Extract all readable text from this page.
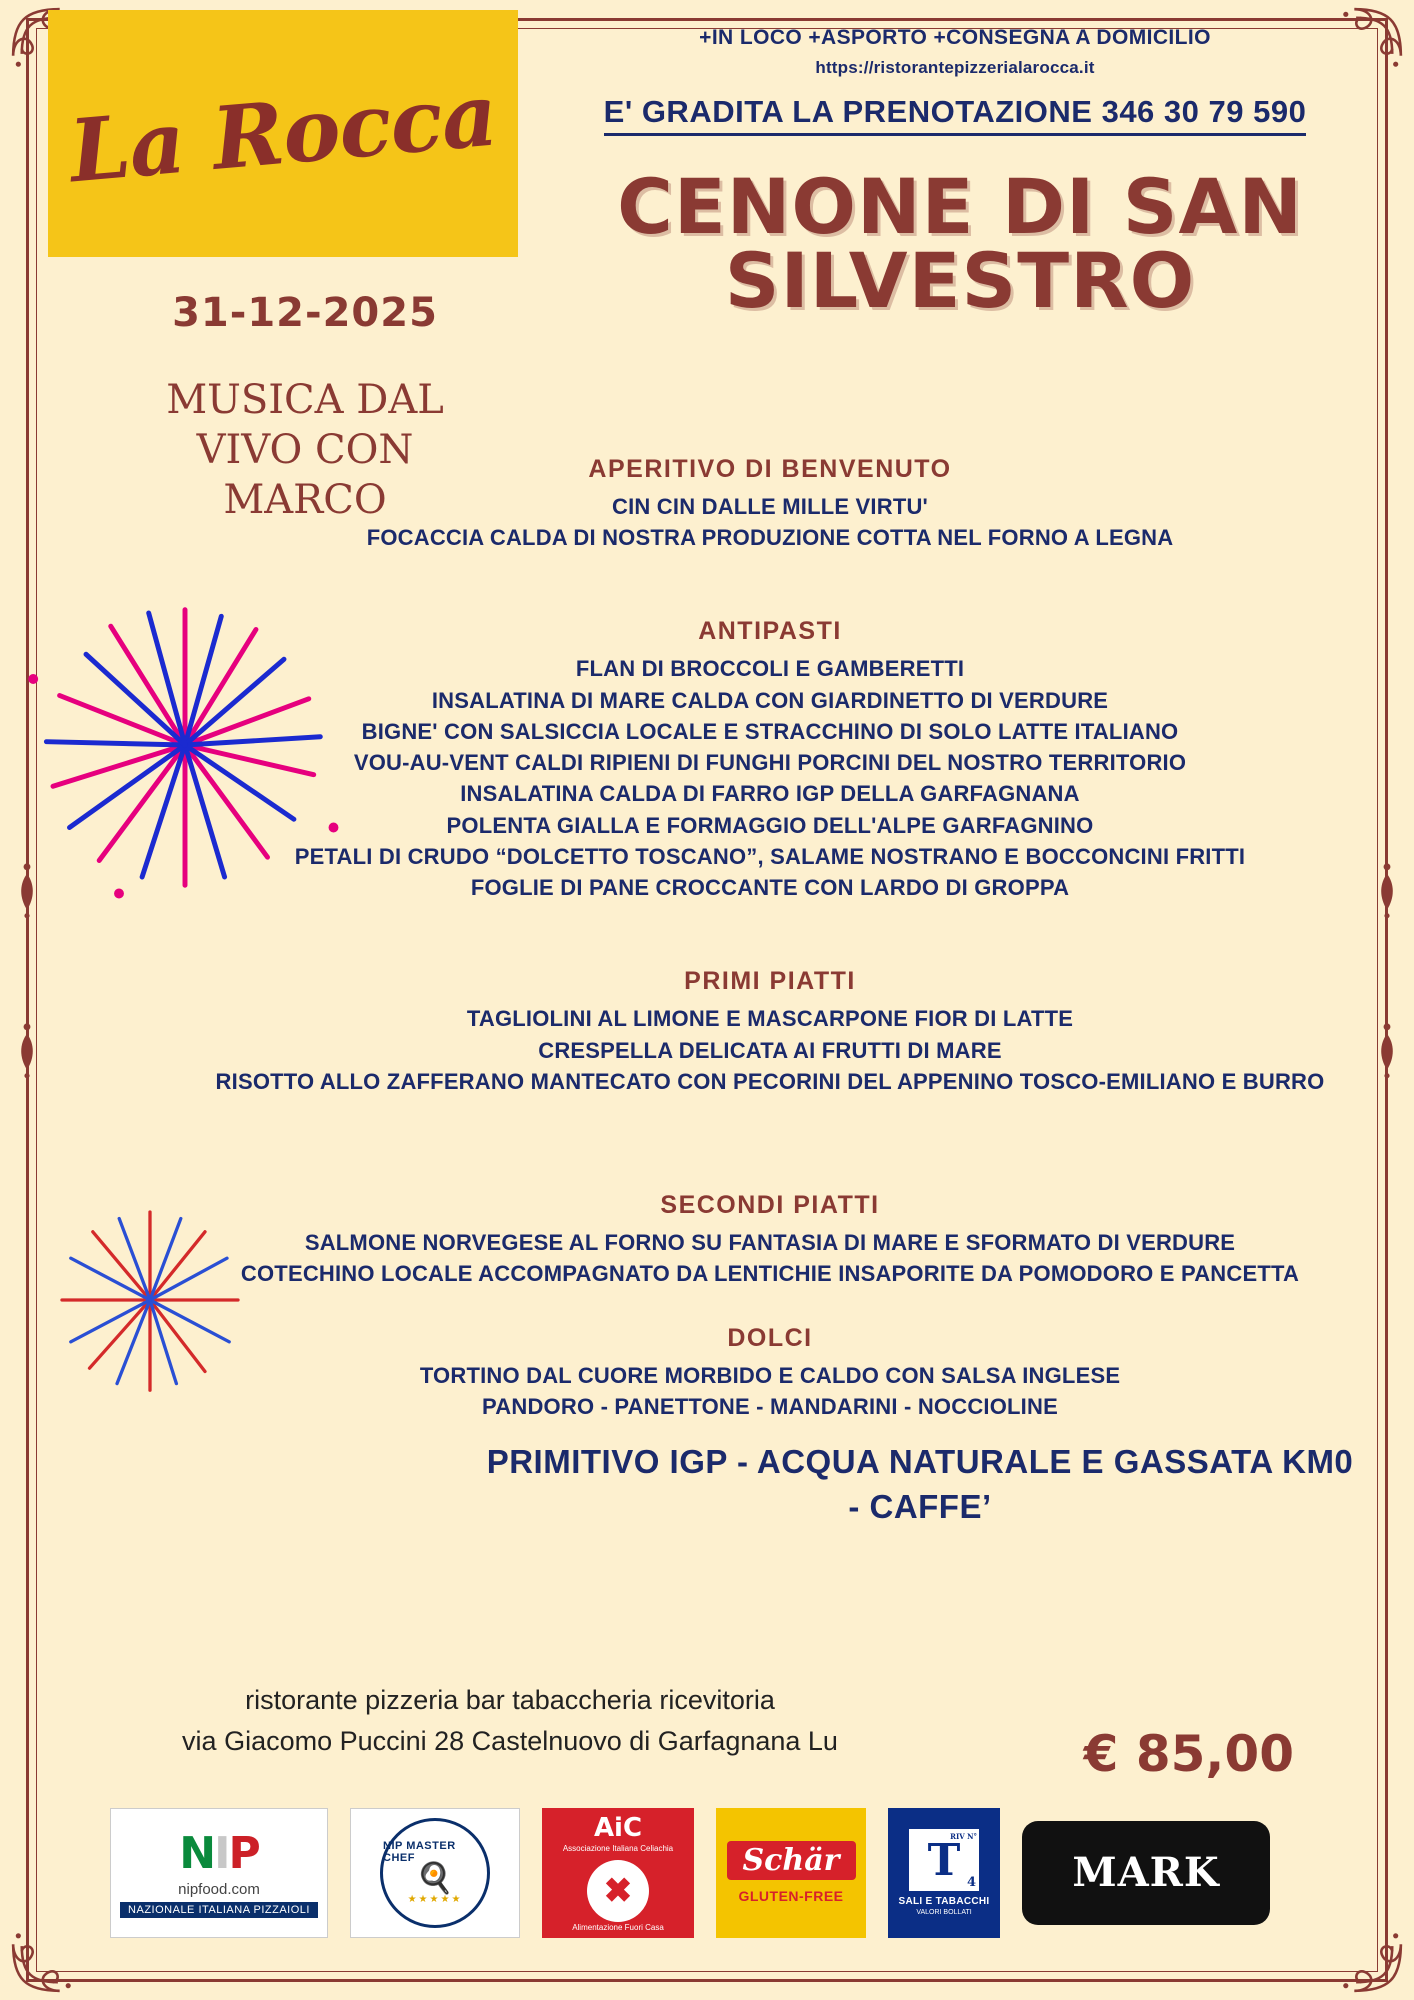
La Rocca
+IN LOCO +ASPORTO +CONSEGNA A DOMICILIO
https://ristorantepizzerialarocca.it
E' GRADITA LA PRENOTAZIONE 346 30 79 590
CENONE DI SAN SILVESTRO
31-12-2025
MUSICA DAL VIVO CON MARCO
APERITIVO DI BENVENUTO
CIN CIN DALLE MILLE VIRTU'
FOCACCIA CALDA DI NOSTRA PRODUZIONE COTTA NEL FORNO A LEGNA
ANTIPASTI
FLAN DI BROCCOLI E GAMBERETTI
INSALATINA DI MARE CALDA CON GIARDINETTO DI VERDURE
BIGNE' CON SALSICCIA LOCALE E STRACCHINO DI SOLO LATTE ITALIANO
VOU-AU-VENT CALDI RIPIENI DI FUNGHI PORCINI DEL NOSTRO TERRITORIO
INSALATINA CALDA DI FARRO IGP DELLA GARFAGNANA
POLENTA GIALLA E FORMAGGIO DELL'ALPE GARFAGNINO
PETALI DI CRUDO “DOLCETTO TOSCANO”, SALAME NOSTRANO E BOCCONCINI FRITTI
FOGLIE DI PANE CROCCANTE CON LARDO DI GROPPA
PRIMI PIATTI
TAGLIOLINI AL LIMONE E MASCARPONE FIOR DI LATTE
CRESPELLA DELICATA AI FRUTTI DI MARE
RISOTTO ALLO ZAFFERANO MANTECATO CON PECORINI DEL APPENINO TOSCO-EMILIANO E BURRO
SECONDI PIATTI
SALMONE NORVEGESE AL FORNO SU FANTASIA DI MARE E SFORMATO DI VERDURE
COTECHINO LOCALE ACCOMPAGNATO DA LENTICHIE INSAPORITE DA POMODORO E PANCETTA
DOLCI
TORTINO DAL CUORE MORBIDO E CALDO CON SALSA INGLESE
PANDORO - PANETTONE - MANDARINI - NOCCIOLINE
PRIMITIVO IGP - ACQUA NATURALE E GASSATA KM0 - CAFFE’
ristorante pizzeria bar tabaccheria ricevitoria
via Giacomo Puccini 28 Castelnuovo di Garfagnana Lu	€ 85,00
NIP
nipfood.com
NAZIONALE ITALIANA PIZZAIOLI
NIP MASTER CHEF
🍳
★★★★★
AiC
Associazione Italiana Celiachia
✖
Alimentazione Fuori Casa
Schär
GLUTEN-FREE
T
RIV N°
4
SALI E TABACCHI
VALORI BOLLATI
MARK
